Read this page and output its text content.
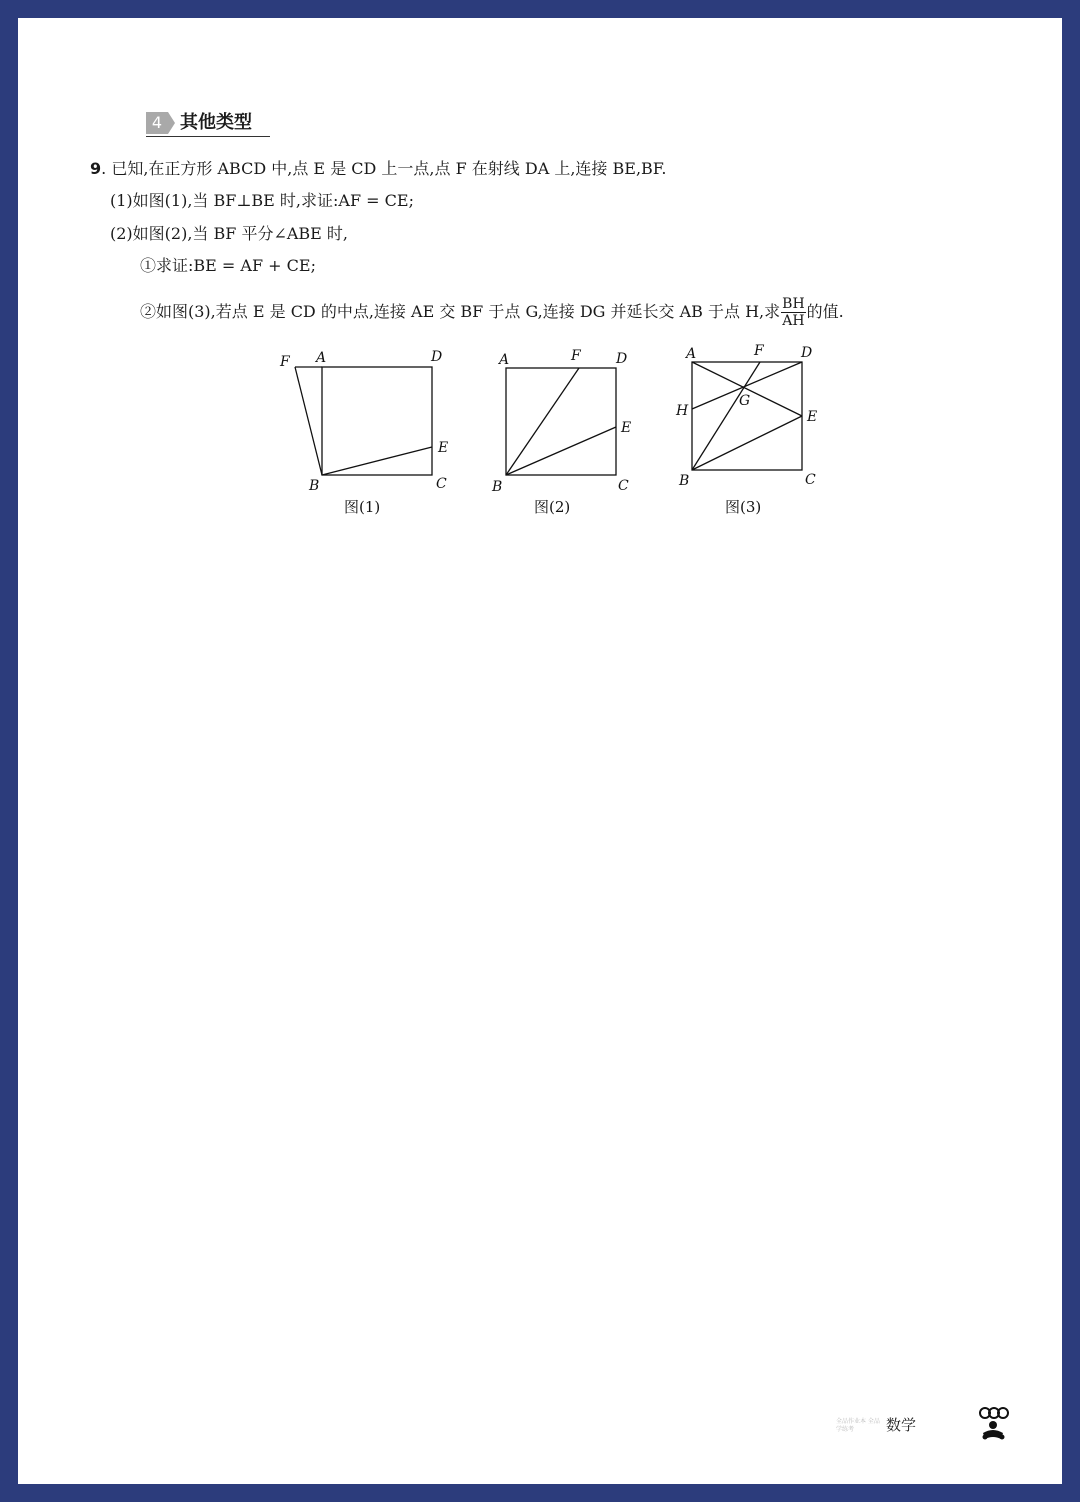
4 其他类型
9. 已知,在正方形 ABCD 中,点 E 是 CD 上一点,点 F 在射线 DA 上,连接 BE,BF.
(1)如图(1),当 BF⊥BE 时,求证:AF = CE;
(2)如图(2),当 BF 平分∠ABE 时,
①求证:BE = AF + CE;
②如图(3),若点 E 是 CD 的中点,连接 AE 交 BF 于点 G,连接 DG 并延长交 AB 于点 H,求 $\frac{BH}{AH}$ 的值.
F A	D
E
B	C
图(1)
A	F	D
E
B	C
图(2)
A	F	D
G
H	E
B	C
图(3)
全品作业本 全品学练考	数学
